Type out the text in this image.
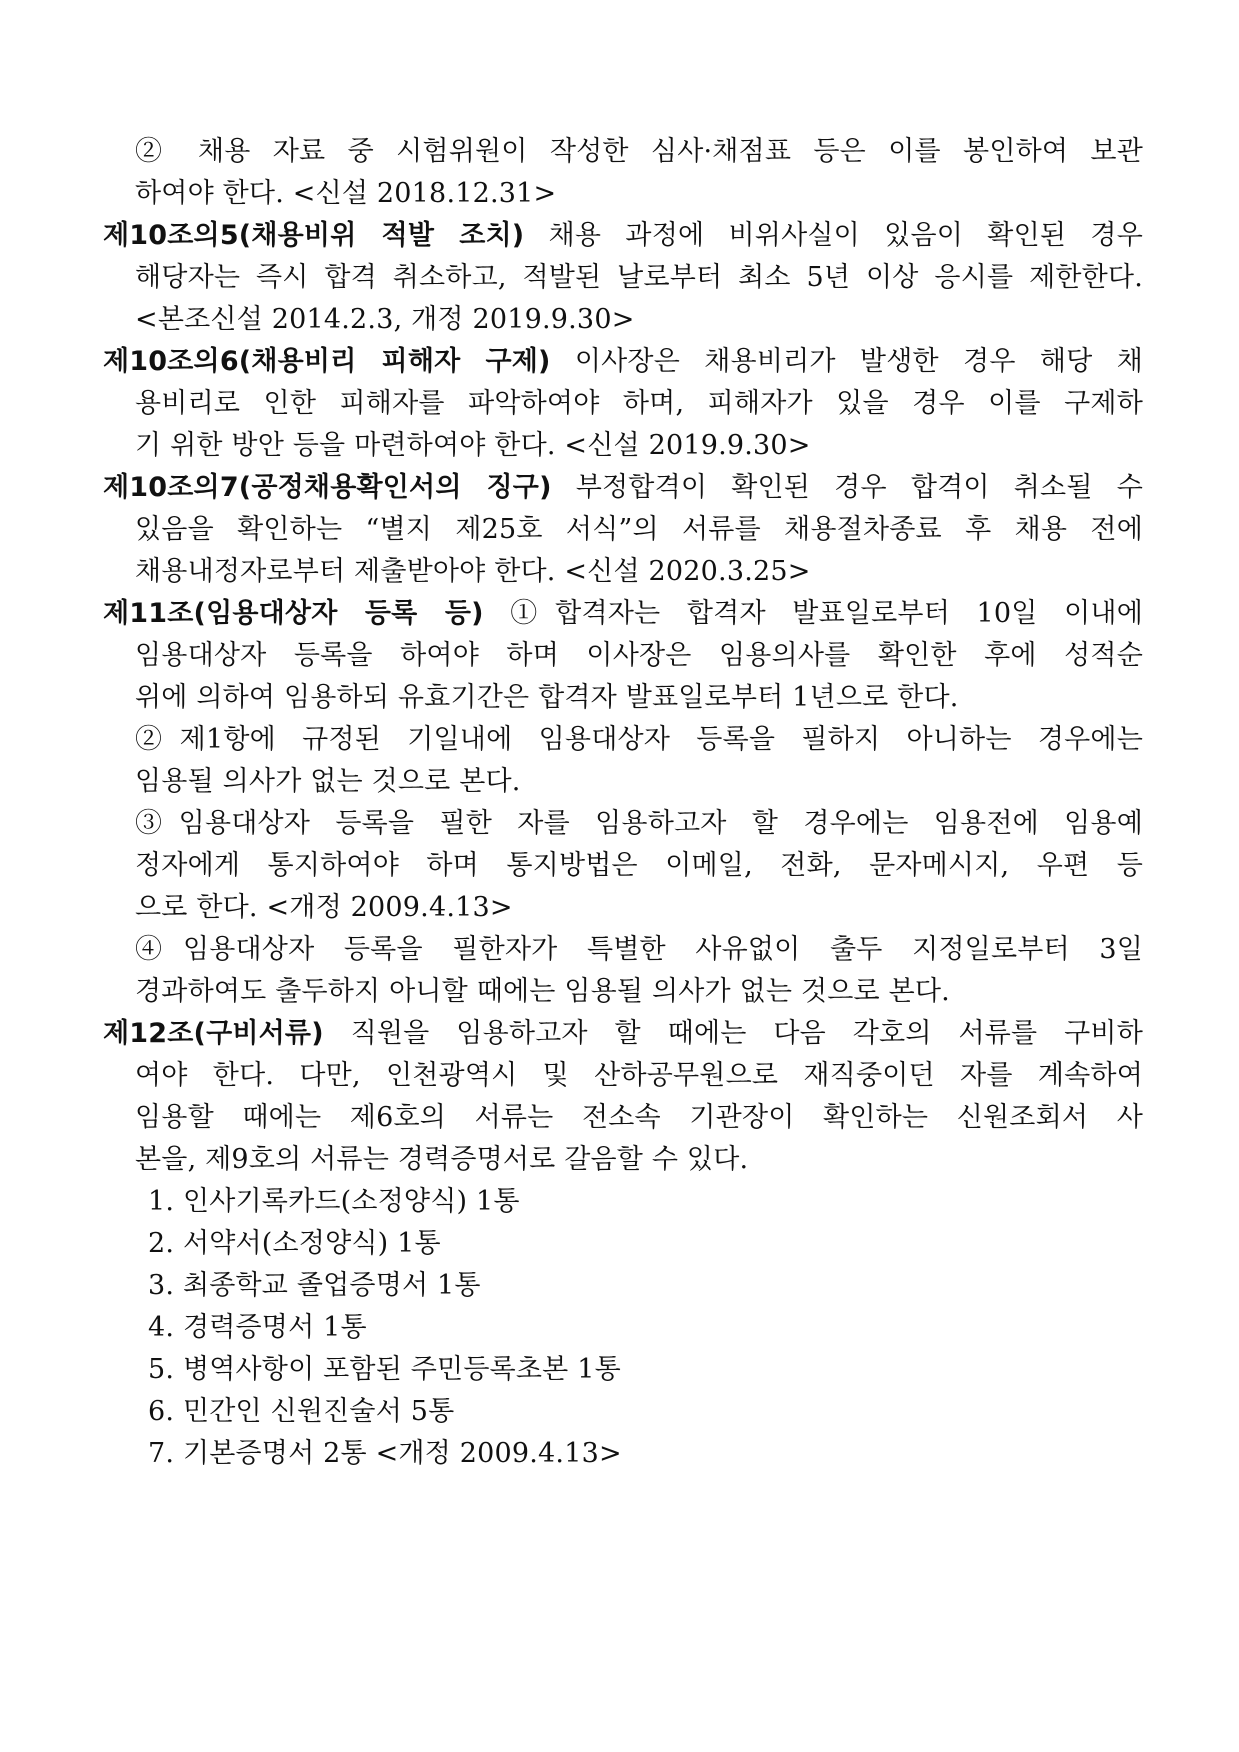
② 채용 자료 중 시험위원이 작성한 심사·채점표 등은 이를 봉인하여 보관
하여야 한다. <신설 2018.12.31>
제10조의5(채용비위 적발 조치) 채용 과정에 비위사실이 있음이 확인된 경우
해당자는 즉시 합격 취소하고, 적발된 날로부터 최소 5년 이상 응시를 제한한다.
<본조신설 2014.2.3, 개정 2019.9.30>
제10조의6(채용비리 피해자 구제) 이사장은 채용비리가 발생한 경우 해당 채
용비리로 인한 피해자를 파악하여야 하며, 피해자가 있을 경우 이를 구제하
기 위한 방안 등을 마련하여야 한다. <신설 2019.9.30>
제10조의7(공정채용확인서의 징구) 부정합격이 확인된 경우 합격이 취소될 수
있음을 확인하는 “별지 제25호 서식”의 서류를 채용절차종료 후 채용 전에
채용내정자로부터 제출받아야 한다. <신설 2020.3.25>
제11조(임용대상자 등록 등) ①합격자는 합격자 발표일로부터 10일 이내에
임용대상자 등록을 하여야 하며 이사장은 임용의사를 확인한 후에 성적순
위에 의하여 임용하되 유효기간은 합격자 발표일로부터 1년으로 한다.
②제1항에 규정된 기일내에 임용대상자 등록을 필하지 아니하는 경우에는
임용될 의사가 없는 것으로 본다.
③임용대상자 등록을 필한 자를 임용하고자 할 경우에는 임용전에 임용예
정자에게 통지하여야 하며 통지방법은 이메일, 전화, 문자메시지, 우편 등
으로 한다. <개정 2009.4.13>
④임용대상자 등록을 필한자가 특별한 사유없이 출두 지정일로부터 3일
경과하여도 출두하지 아니할 때에는 임용될 의사가 없는 것으로 본다.
제12조(구비서류) 직원을 임용하고자 할 때에는 다음 각호의 서류를 구비하
여야 한다. 다만, 인천광역시 및 산하공무원으로 재직중이던 자를 계속하여
임용할 때에는 제6호의 서류는 전소속 기관장이 확인하는 신원조회서 사
본을, 제9호의 서류는 경력증명서로 갈음할 수 있다.
1. 인사기록카드(소정양식) 1통
2. 서약서(소정양식) 1통
3. 최종학교 졸업증명서 1통
4. 경력증명서 1통
5. 병역사항이 포함된 주민등록초본 1통
6. 민간인 신원진술서 5통
7. 기본증명서 2통 <개정 2009.4.13>
